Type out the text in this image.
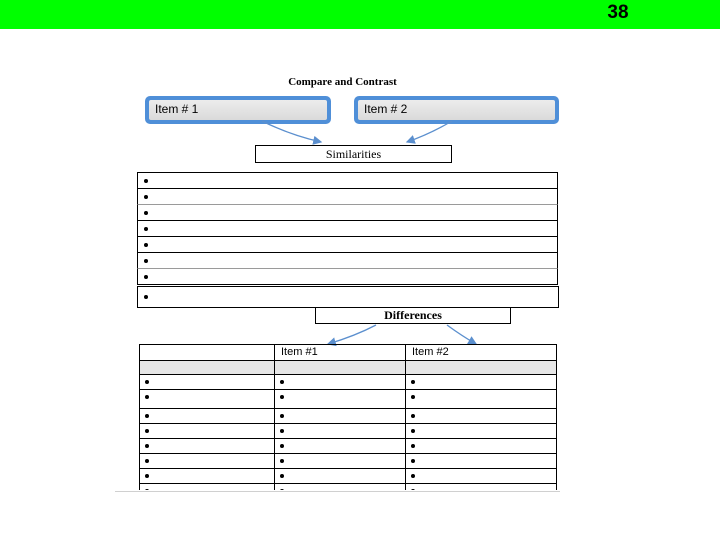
38
Compare and Contrast
Item # 1	Item # 2
Similarities
Differences
	Item #1	Item #2
